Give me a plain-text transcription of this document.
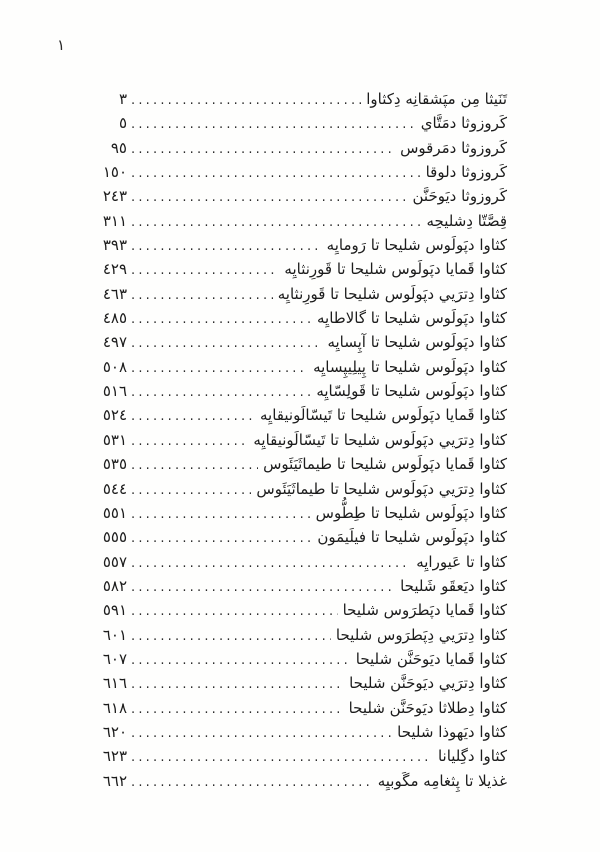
١
تَنَيثا مِن مپَشقانِه دِكثاوا
.....
٣
كَروزوثا دمَتَّاي
.....
٥
كَروزوثا دمَرقوس
.....
٩٥
كَروزوثا دلوقا
.....
١٥٠
كَروزوثا ديَوحَنَّن
.....
٢٤٣
قِصَّتّا دِشليحِه
.....
٣١١
كثاوا دپَولَوس شليحا تا رَومايِه
.....
٣٩٣
كثاوا قَمايا دپَولَوس شليحا تا قَورِنثايِه
.....
٤٢٩
كثاوا دِترَيي دپَولَوس شليحا تا قَورِنثايِه
.....
٤٦٣
كثاوا دپَولَوس شليحا تا گالاطايِه
.....
٤٨٥
كثاوا دپَولَوس شليحا تا آپِسايِه
.....
٤٩٧
كثاوا دپَولَوس شليحا تا پِيلِيپِسايِه
.....
٥٠٨
كثاوا دپَولَوس شليحا تا قَولِسّايِه
.....
٥١٦
كثاوا قَمايا دپَولَوس شليحا تا تَيسّالَونيقايِه
.....
٥٢٤
كثاوا دِترَيي دپَولَوس شليحا تا تَيسّالَونيقايِه
.....
٥٣١
كثاوا قَمايا دپَولَوس شليحا تا طيماثَيَئَوس
.....
٥٣٥
كثاوا دِترَيي دپَولَوس شليحا تا طيماثَيَئَوس
.....
٥٤٤
كثاوا دپَولَوس شليحا تا طِطُّوس
.....
٥٥١
كثاوا دپَولَوس شليحا تا فيلَيمَون
.....
٥٥٥
كثاوا تا عَيورايِه
.....
٥٥٧
كثاوا ديَعقَو شَليحا
.....
٥٨٢
كثاوا قَمايا دپَطرَوس شليحا
.....
٥٩١
كثاوا دِترَيي دِپَطرَوس شليحا
.....
٦٠١
كثاوا قَمايا ديَوحَنَّن شليحا
.....
٦٠٧
كثاوا دِترَيي ديَوحَنَّن شليحا
.....
٦١٦
كثاوا دِطلاثا ديَوحَنَّن شليحا
.....
٦١٨
كثاوا ديَهوذا شليحا
.....
٦٢٠
كثاوا دگِليانا
.....
٦٢٣
غذيلا تا پِثغامِه مگَوبيِه
.....
٦٦٢
